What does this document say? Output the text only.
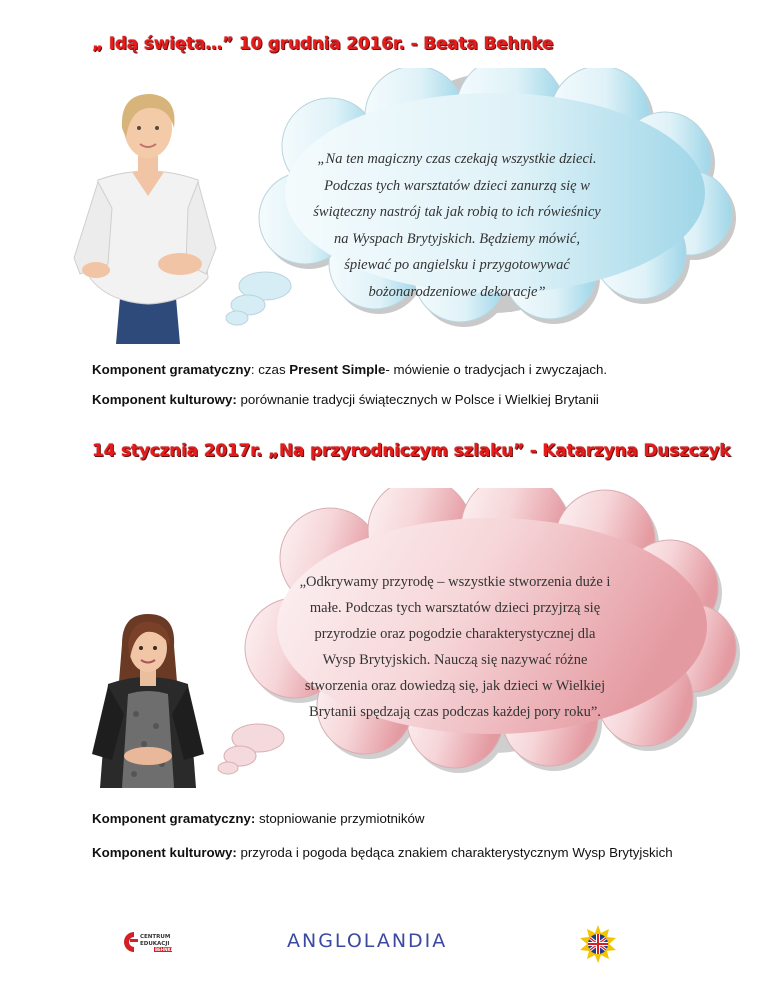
„ Idą święta…” 10 grudnia 2016r. - Beata Behnke
„Na ten magiczny czas czekają wszystkie dzieci.
Podczas tych warsztatów dzieci zanurzą się w
świąteczny nastrój tak jak robią to ich rówieśnicy
na Wyspach Brytyjskich. Będziemy mówić,
śpiewać po angielsku i przygotowywać
bożonarodzeniowe dekoracje”
Komponent gramatyczny: czas Present Simple- mówienie o tradycjach i zwyczajach.
Komponent kulturowy: porównanie tradycji świątecznych w Polsce i Wielkiej Brytanii
14 stycznia 2017r. „Na przyrodniczym szlaku” - Katarzyna Duszczyk
„Odkrywamy przyrodę – wszystkie stworzenia duże i
małe. Podczas tych warsztatów dzieci przyjrzą się
przyrodzie oraz pogodzie charakterystycznej dla
Wysp Brytyjskich. Nauczą się nazywać różne
stworzenia oraz dowiedzą się, jak dzieci w Wielkiej
Brytanii spędzają czas podczas każdej pory roku”.
Komponent gramatyczny: stopniowanie przymiotników
Komponent kulturowy: przyroda i pogoda będąca znakiem charakterystycznym Wysp Brytyjskich
CENTRUM
EDUKACJI
BEHNKE	ANGLOLANDIA
